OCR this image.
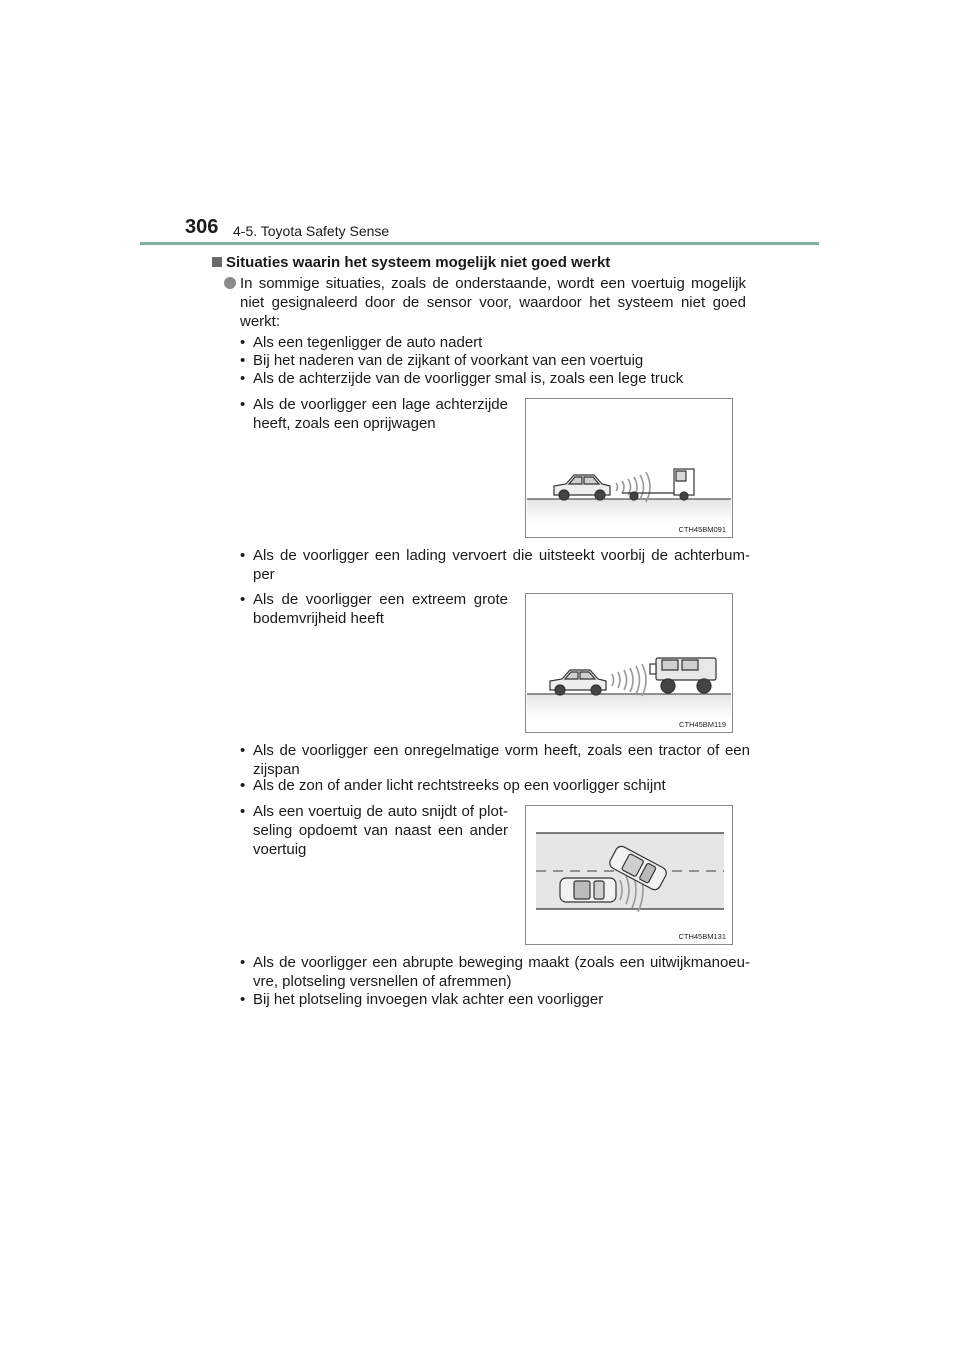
306 4-5. Toyota Safety Sense
Situaties waarin het systeem mogelijk niet goed werkt
In sommige situaties, zoals de onderstaande, wordt een voertuig mogelijk niet gesignaleerd door de sensor voor, waardoor het systeem niet goed werkt:
• Als een tegenligger de auto nadert
• Bij het naderen van de zijkant of voorkant van een voertuig
• Als de achterzijde van de voorligger smal is, zoals een lege truck
• Als de voorligger een lage achterzijde heeft, zoals een oprijwagen
CTH45BM091
• Als de voorligger een lading vervoert die uitsteekt voorbij de achterbum-per
• Als de voorligger een extreem grote bodemvrijheid heeft
CTH45BM119
• Als de voorligger een onregelmatige vorm heeft, zoals een tractor of een zijspan
• Als de zon of ander licht rechtstreeks op een voorligger schijnt
• Als een voertuig de auto snijdt of plot-seling opdoemt van naast een ander voertuig
CTH45BM131
• Als de voorligger een abrupte beweging maakt (zoals een uitwijkmanoeu-vre, plotseling versnellen of afremmen)
• Bij het plotseling invoegen vlak achter een voorligger
